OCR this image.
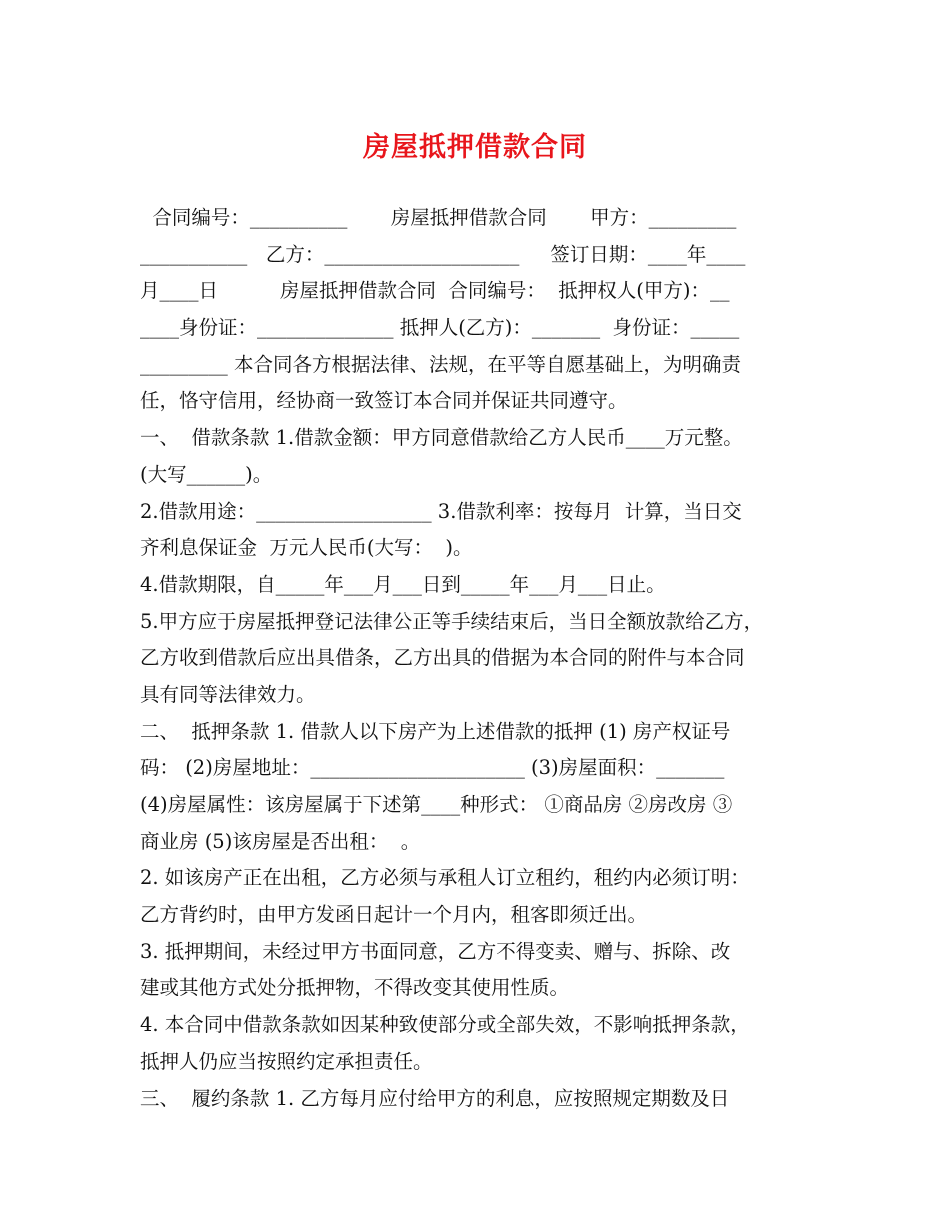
房屋抵押借款合同
合同编号：__________       房屋抵押借款合同       甲方：_________
___________   乙方：____________________     签订日期：____年____
月____日          房屋抵押借款合同  合同编号：  抵押权人(甲方)：__
____身份证：______________ 抵押人(乙方)：_______  身份证：_____
_________ 本合同各方根据法律、法规，在平等自愿基础上，为明确责
任，恪守信用，经协商一致签订本合同并保证共同遵守。
一、  借款条款 1.借款金额：甲方同意借款给乙方人民币____万元整。
(大写______)。
2.借款用途：__________________ 3.借款利率：按每月  计算，当日交
齐利息保证金  万元人民币(大写：  )。
4.借款期限，自_____年___月___日到_____年___月___日止。
5.甲方应于房屋抵押登记法律公正等手续结束后，当日全额放款给乙方，
乙方收到借款后应出具借条，乙方出具的借据为本合同的附件与本合同
具有同等法律效力。
二、  抵押条款 1. 借款人以下房产为上述借款的抵押 (1) 房产权证号
码： (2)房屋地址：______________________ (3)房屋面积：_______
(4)房屋属性：该房屋属于下述第____种形式： ①商品房 ②房改房 ③
商业房 (5)该房屋是否出租：  。
2. 如该房产正在出租，乙方必须与承租人订立租约，租约内必须订明：
乙方背约时，由甲方发函日起计一个月内，租客即须迁出。
3. 抵押期间，未经过甲方书面同意，乙方不得变卖、赠与、拆除、改
建或其他方式处分抵押物，不得改变其使用性质。
4. 本合同中借款条款如因某种致使部分或全部失效，不影响抵押条款，
抵押人仍应当按照约定承担责任。
三、  履约条款 1. 乙方每月应付给甲方的利息，应按照规定期数及日
